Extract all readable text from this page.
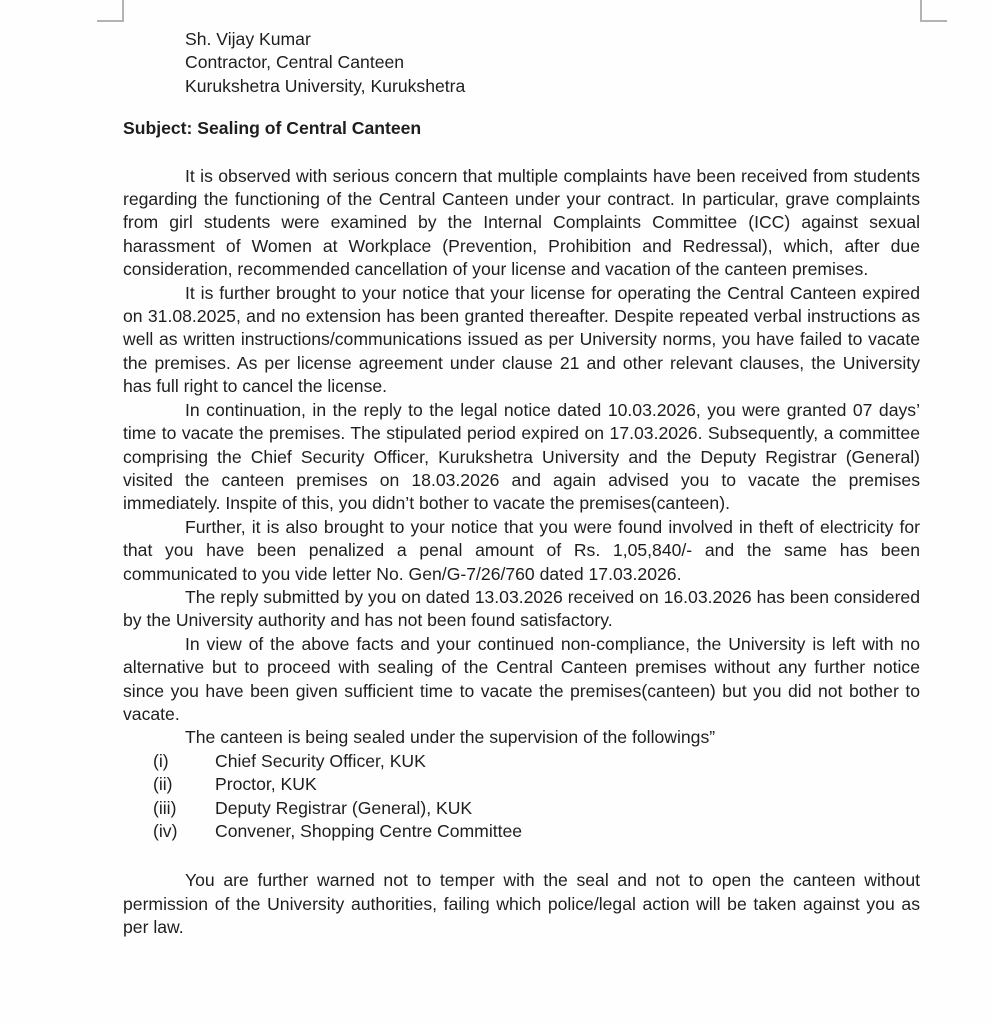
Sh. Vijay Kumar
Contractor, Central Canteen
Kurukshetra University, Kurukshetra
Subject: Sealing of Central Canteen

It is observed with serious concern that multiple complaints have been received from students regarding the functioning of the Central Canteen under your contract. In particular, grave complaints from girl students were examined by the Internal Complaints Committee (ICC) against sexual harassment of Women at Workplace (Prevention, Prohibition and Redressal), which, after due consideration, recommended cancellation of your license and vacation of the canteen premises.

It is further brought to your notice that your license for operating the Central Canteen expired on 31.08.2025, and no extension has been granted thereafter. Despite repeated verbal instructions as well as written instructions/communications issued as per University norms, you have failed to vacate the premises. As per license agreement under clause 21 and other relevant clauses, the University has full right to cancel the license.

In continuation, in the reply to the legal notice dated 10.03.2026, you were granted 07 days’ time to vacate the premises. The stipulated period expired on 17.03.2026. Subsequently, a committee comprising the Chief Security Officer, Kurukshetra University and the Deputy Registrar (General) visited the canteen premises on 18.03.2026 and again advised you to vacate the premises immediately. Inspite of this, you didn’t bother to vacate the premises(canteen).

Further, it is also brought to your notice that you were found involved in theft of electricity for that you have been penalized a penal amount of Rs. 1,05,840/- and the same has been communicated to you vide letter No. Gen/G-7/26/760 dated 17.03.2026.

The reply submitted by you on dated 13.03.2026 received on 16.03.2026 has been considered by the University authority and has not been found satisfactory.

In view of the above facts and your continued non-compliance, the University is left with no alternative but to proceed with sealing of the Central Canteen premises without any further notice since you have been given sufficient time to vacate the premises(canteen) but you did not bother to vacate.

The canteen is being sealed under the supervision of the followings”

(i)	Chief Security Officer, KUK
(ii)	Proctor, KUK
(iii)	Deputy Registrar (General), KUK
(iv)	Convener, Shopping Centre Committee

You are further warned not to temper with the seal and not to open the canteen without permission of the University authorities, failing which police/legal action will be taken against you as per law.
